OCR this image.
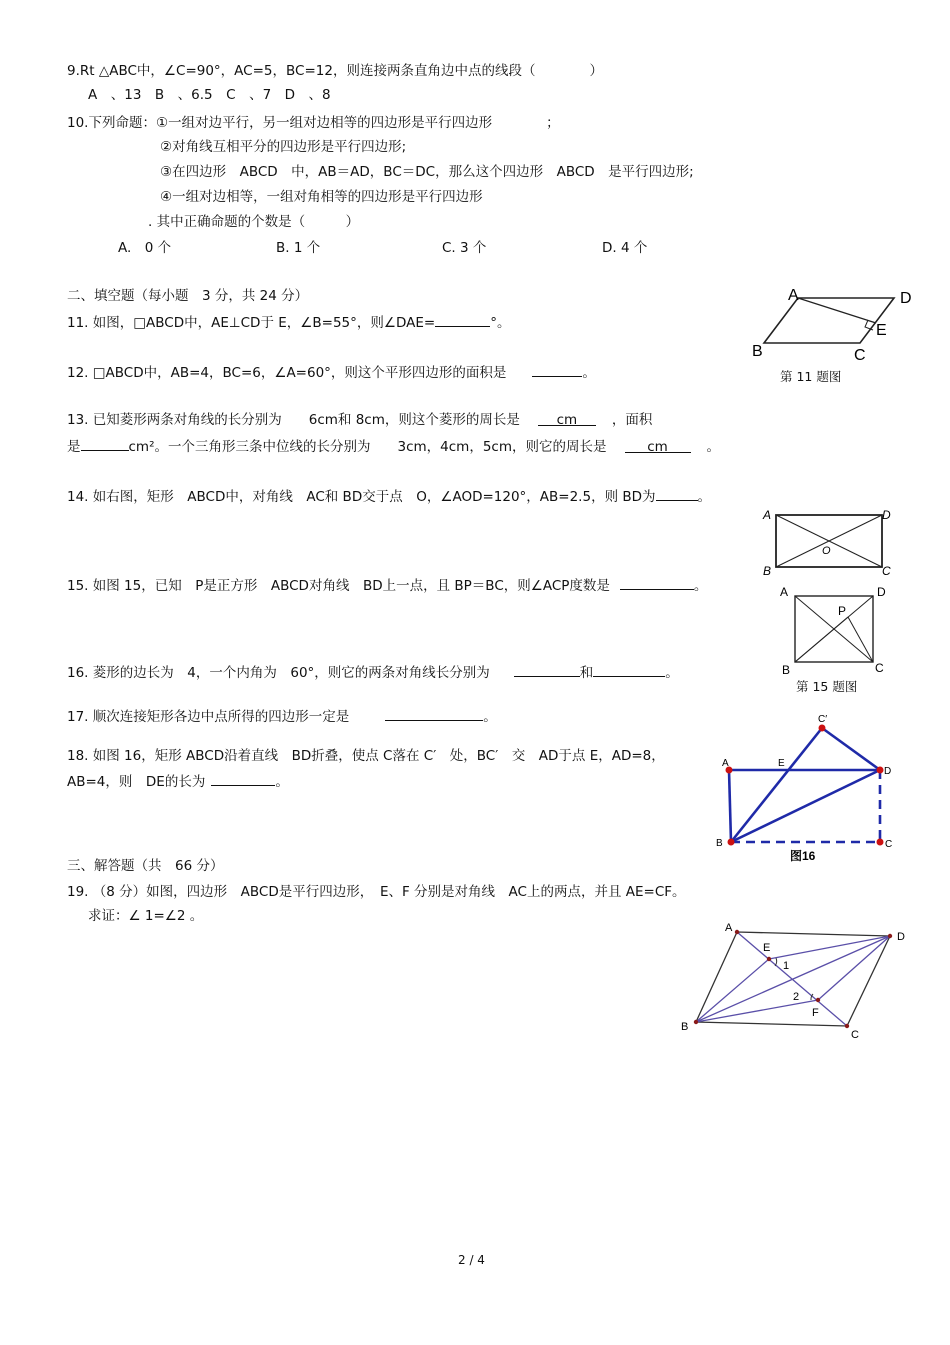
9.Rt △ABC中，∠C=90°，AC=5，BC=12，则连接两条直角边中点的线段（　　　　）
A　、13　B　、6.5　C　、7　D　、8
10.下列命题：①一组对边平行，另一组对边相等的四边形是平行四边形　　　　；
②对角线互相平分的四边形是平行四边形;
③在四边形　ABCD　中，AB＝AD，BC＝DC，那么这个四边形　ABCD　是平行四边形;
④一组对边相等，一组对角相等的四边形是平行四边形
. 其中正确命题的个数是（　　　）
A.　0 个	B. 1 个	C. 3 个	D. 4 个
二、填空题（每小题　3 分，共 24 分）
11. 如图，□ABCD中，AE⊥CD于 E，∠B=55°，则∠DAE=	°。
A	D
E
B	C
第 11 题图
12. □ABCD中，AB=4，BC=6，∠A=60°，则这个平形四边形的面积是	。
13. 已知菱形两条对角线的长分别为　　6cm和 8cm，则这个菱形的周长是	cm	，面积
是	cm²。一个三角形三条中位线的长分别为　　3cm，4cm，5cm，则它的周长是	cm	。
14. 如右图，矩形　ABCD中，对角线　AC和 BD交于点　O，∠AOD=120°，AB=2.5，则 BD为	。
A	D
O
B	C
15. 如图 15，已知　P是正方形　ABCD对角线　BD上一点，且 BP＝BC，则∠ACP度数是	。	A	D
P
B	C
第 15 题图
16. 菱形的边长为　4，一个内角为　60°，则它的两条对角线长分别为	和	。
17. 顺次连接矩形各边中点所得的四边形一定是	。
18. 如图 16，矩形 ABCD沿着直线　BD折叠，使点 C落在 C′　处，BC′　交　AD于点 E，AD=8，
AB=4，则　DE的长为	。
C′
A	E
D
B	C
图16
三、解答题（共　66 分）
19. （8 分）如图，四边形　ABCD是平行四边形，　E、F 分别是对角线　AC上的两点，并且 AE=CF。
求证：∠ 1=∠2 。
A
D
E
1
2
F
B
C
2 / 4
